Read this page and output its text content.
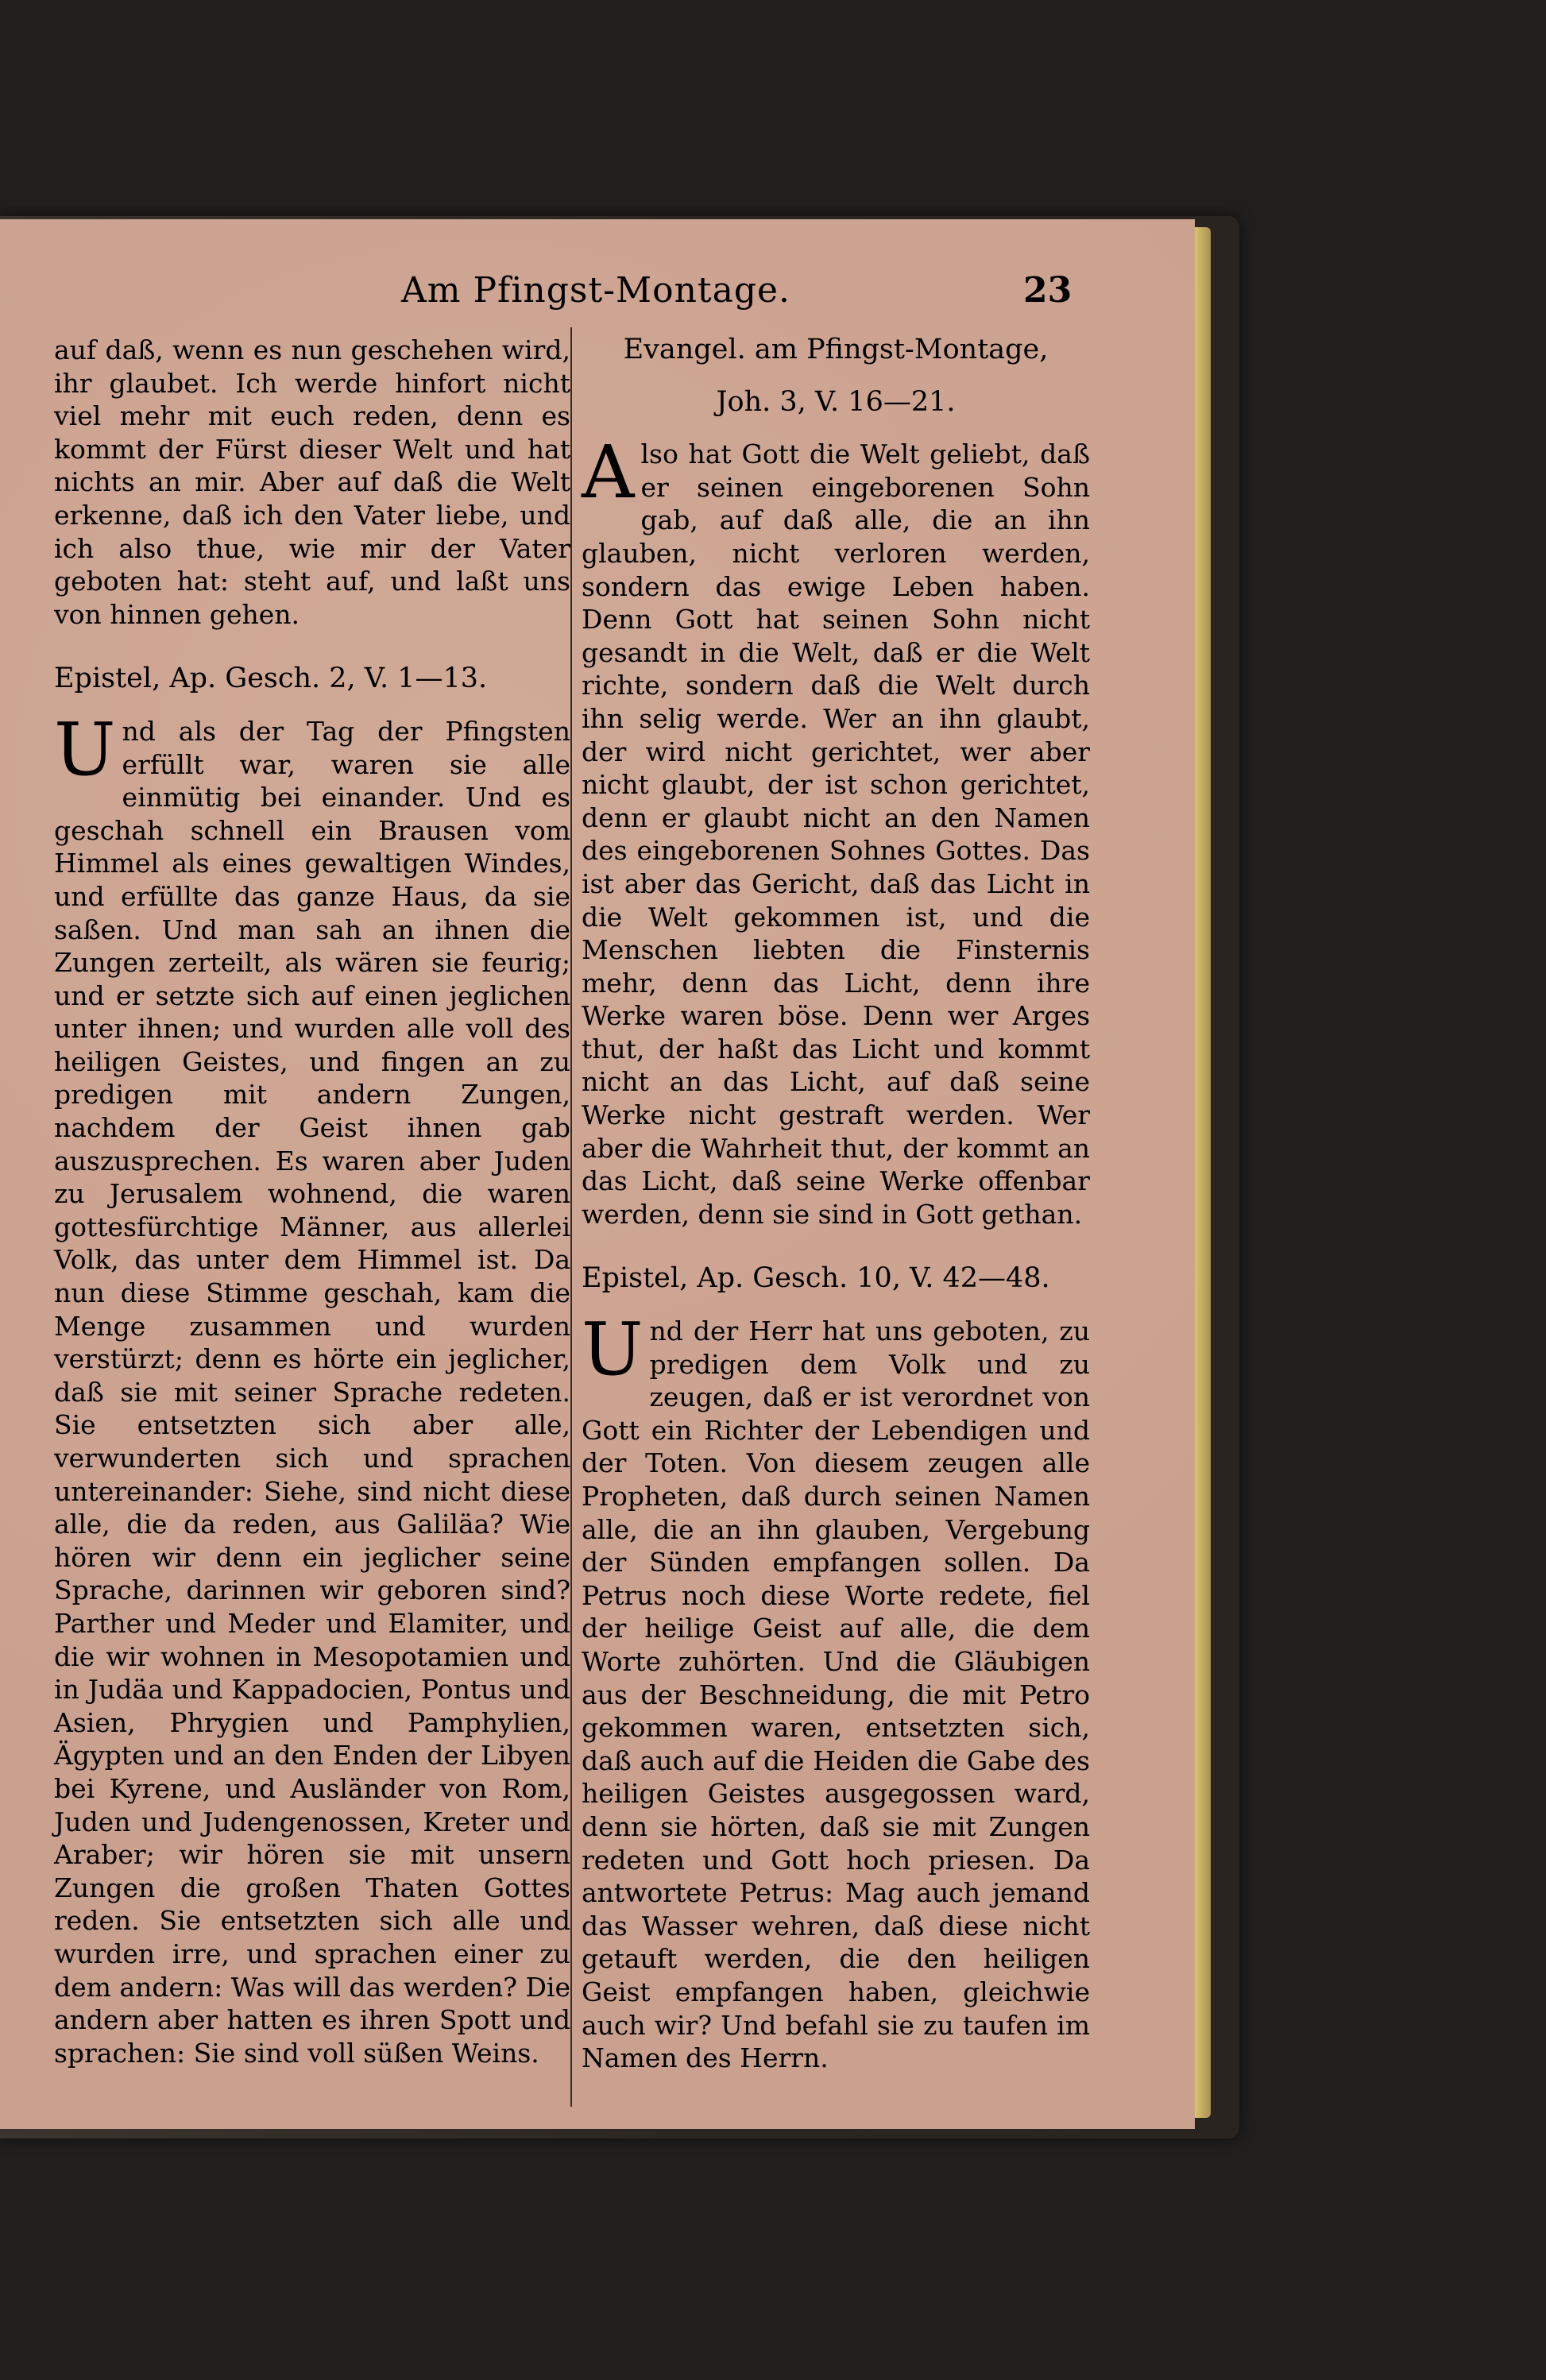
Am Pfingst-Montage.	23

auf daß, wenn es nun geschehen wird, ihr glaubet. Ich werde hinfort nicht viel mehr mit euch reden, denn es kommt der Fürst dieser Welt und hat nichts an mir. Aber auf daß die Welt erkenne, daß ich den Vater liebe, und ich also thue, wie mir der Vater geboten hat: steht auf, und laßt uns von hinnen gehen.

Epistel, Ap. Gesch. 2, V. 1—13.

Und als der Tag der Pfingsten erfüllt war, waren sie alle einmütig bei einander. Und es geschah schnell ein Brausen vom Himmel als eines gewaltigen Windes, und erfüllte das ganze Haus, da sie saßen. Und man sah an ihnen die Zungen zerteilt, als wären sie feurig; und er setzte sich auf einen jeglichen unter ihnen; und wurden alle voll des heiligen Geistes, und fingen an zu predigen mit andern Zungen, nachdem der Geist ihnen gab auszusprechen. Es waren aber Juden zu Jerusalem wohnend, die waren gottesfürchtige Männer, aus allerlei Volk, das unter dem Himmel ist. Da nun diese Stimme geschah, kam die Menge zusammen und wurden verstürzt; denn es hörte ein jeglicher, daß sie mit seiner Sprache redeten. Sie entsetzten sich aber alle, verwunderten sich und sprachen untereinander: Siehe, sind nicht diese alle, die da reden, aus Galiläa? Wie hören wir denn ein jeglicher seine Sprache, darinnen wir geboren sind? Parther und Meder und Elamiter, und die wir wohnen in Mesopotamien und in Judäa und Kappadocien, Pontus und Asien, Phrygien und Pamphylien, Ägypten und an den Enden der Libyen bei Kyrene, und Ausländer von Rom, Juden und Judengenossen, Kreter und Araber; wir hören sie mit unsern Zungen die großen Thaten Gottes reden. Sie entsetzten sich alle und wurden irre, und sprachen einer zu dem andern: Was will das werden? Die andern aber hatten es ihren Spott und sprachen: Sie sind voll süßen Weins.

Evangel. am Pfingst-Montage,
Joh. 3, V. 16—21.

Also hat Gott die Welt geliebt, daß er seinen eingeborenen Sohn gab, auf daß alle, die an ihn glauben, nicht verloren werden, sondern das ewige Leben haben. Denn Gott hat seinen Sohn nicht gesandt in die Welt, daß er die Welt richte, sondern daß die Welt durch ihn selig werde. Wer an ihn glaubt, der wird nicht gerichtet, wer aber nicht glaubt, der ist schon gerichtet, denn er glaubt nicht an den Namen des eingeborenen Sohnes Gottes. Das ist aber das Gericht, daß das Licht in die Welt gekommen ist, und die Menschen liebten die Finsternis mehr, denn das Licht, denn ihre Werke waren böse. Denn wer Arges thut, der haßt das Licht und kommt nicht an das Licht, auf daß seine Werke nicht gestraft werden. Wer aber die Wahrheit thut, der kommt an das Licht, daß seine Werke offenbar werden, denn sie sind in Gott gethan.

Epistel, Ap. Gesch. 10, V. 42—48.

Und der Herr hat uns geboten, zu predigen dem Volk und zu zeugen, daß er ist verordnet von Gott ein Richter der Lebendigen und der Toten. Von diesem zeugen alle Propheten, daß durch seinen Namen alle, die an ihn glauben, Vergebung der Sünden empfangen sollen. Da Petrus noch diese Worte redete, fiel der heilige Geist auf alle, die dem Worte zuhörten. Und die Gläubigen aus der Beschneidung, die mit Petro gekommen waren, entsetzten sich, daß auch auf die Heiden die Gabe des heiligen Geistes ausgegossen ward, denn sie hörten, daß sie mit Zungen redeten und Gott hoch priesen. Da antwortete Petrus: Mag auch jemand das Wasser wehren, daß diese nicht getauft werden, die den heiligen Geist empfangen haben, gleichwie auch wir? Und befahl sie zu taufen im Namen des Herrn.
